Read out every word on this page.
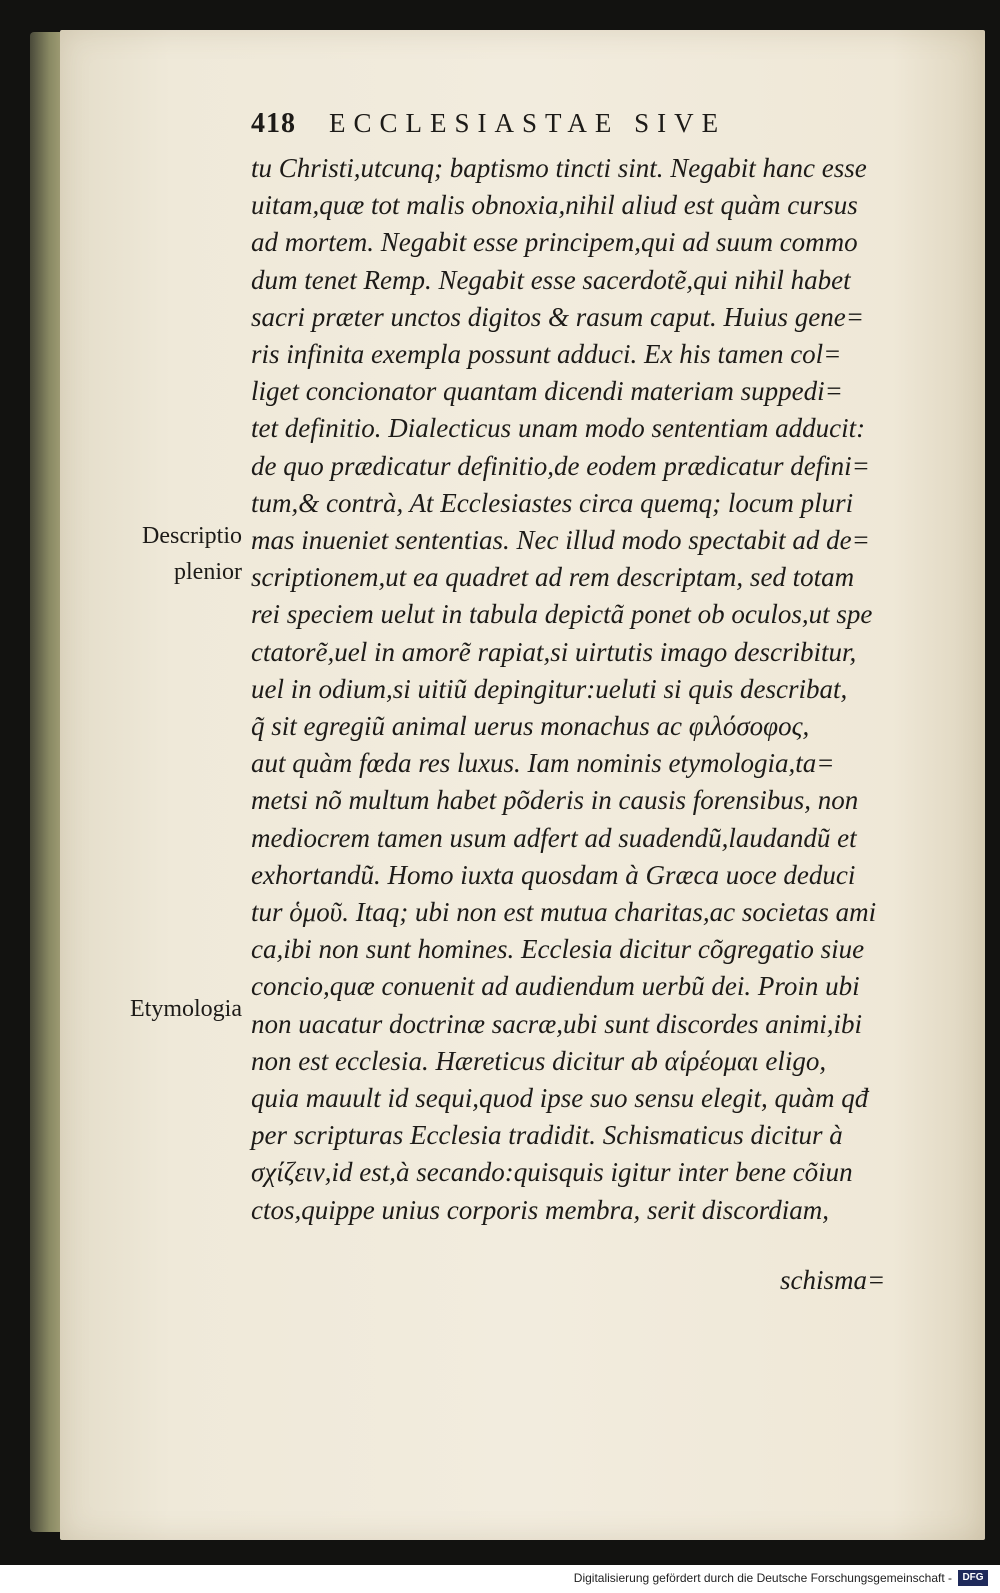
418	ECCLESIASTAE SIVE
tu Christi,utcunq; baptismo tincti sint. Negabit hanc esse
uitam,quæ tot malis obnoxia,nihil aliud est quàm cursus
ad mortem. Negabit esse principem,qui ad suum commo
dum tenet Remp. Negabit esse sacerdotẽ,qui nihil habet
sacri præter unctos digitos & rasum caput. Huius gene=
ris infinita exempla possunt adduci. Ex his tamen col=
liget concionator quantam dicendi materiam suppedi=
tet definitio. Dialecticus unam modo sententiam adducit:
de quo prædicatur definitio,de eodem prædicatur defini=
tum,& contrà, At Ecclesiastes circa quemq; locum pluri
mas inueniet sententias. Nec illud modo spectabit ad de=
scriptionem,ut ea quadret ad rem descriptam, sed totam
rei speciem uelut in tabula depictã ponet ob oculos,ut spe
ctatorẽ,uel in amorẽ rapiat,si uirtutis imago describitur,
uel in odium,si uitiũ depingitur:ueluti si quis describat,
q̃ sit egregiũ animal uerus monachus ac φιλόσοφος,
aut quàm fœda res luxus. Iam nominis etymologia,ta=
metsi nõ multum habet põderis in causis forensibus, non
mediocrem tamen usum adfert ad suadendũ,laudandũ et
exhortandũ. Homo iuxta quosdam à Græca uoce deduci
tur ὁμοῦ. Itaq; ubi non est mutua charitas,ac societas ami
ca,ibi non sunt homines. Ecclesia dicitur cõgregatio siue
concio,quæ conuenit ad audiendum uerbũ dei. Proin ubi
non uacatur doctrinæ sacræ,ubi sunt discordes animi,ibi
non est ecclesia. Hæreticus dicitur ab αἱρέομαι eligo,
quia mauult id sequi,quod ipse suo sensu elegit, quàm qđ
per scripturas Ecclesia tradidit. Schismaticus dicitur à
σχίζειν,id est,à secando:quisquis igitur inter bene cõiun
ctos,quippe unius corporis membra, serit discordiam,
schisma=
Descriptio
plenior
Etymologia
Digitalisierung gefördert durch die Deutsche Forschungsgemeinschaft -	DFG
